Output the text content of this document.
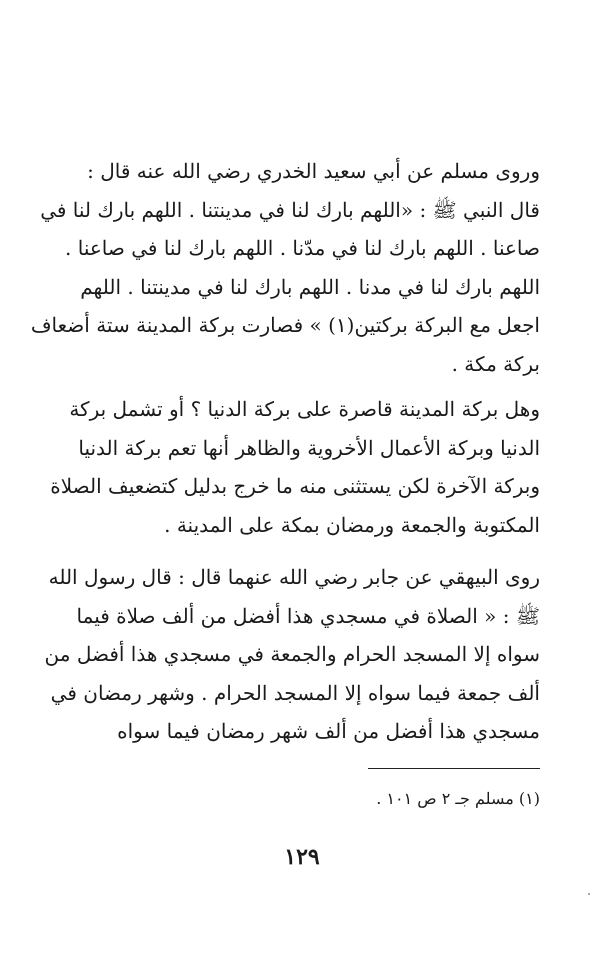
وروى مسلم عن أبي سعيد الخدري رضي الله عنه قال :
قال النبي ﷺ : «اللهم بارك لنا في مدينتنا . اللهم بارك لنا في
صاعنا . اللهم بارك لنا في مدّنا . اللهم بارك لنا في صاعنا .
اللهم بارك لنا في مدنا . اللهم بارك لنا في مدينتنا . اللهم
اجعل مع البركة بركتين(١) » فصارت بركة المدينة ستة أضعاف
بركة مكة .
وهل بركة المدينة قاصرة على بركة الدنيا ؟ أو تشمل بركة
الدنيا وبركة الأعمال الأخروية والظاهر أنها تعم بركة الدنيا
وبركة الآخرة لكن يستثنى منه ما خرج بدليل كتضعيف الصلاة
المكتوبة والجمعة ورمضان بمكة على المدينة .
روى البيهقي عن جابر رضي الله عنهما قال : قال رسول الله
ﷺ : « الصلاة في مسجدي هذا أفضل من ألف صلاة فيما
سواه إلا المسجد الحرام والجمعة في مسجدي هذا أفضل من
ألف جمعة فيما سواه إلا المسجد الحرام . وشهر رمضان في
مسجدي هذا أفضل من ألف شهر رمضان فيما سواه
(١) مسلم جـ ٢ ص ١٠١ .
١٢٩
